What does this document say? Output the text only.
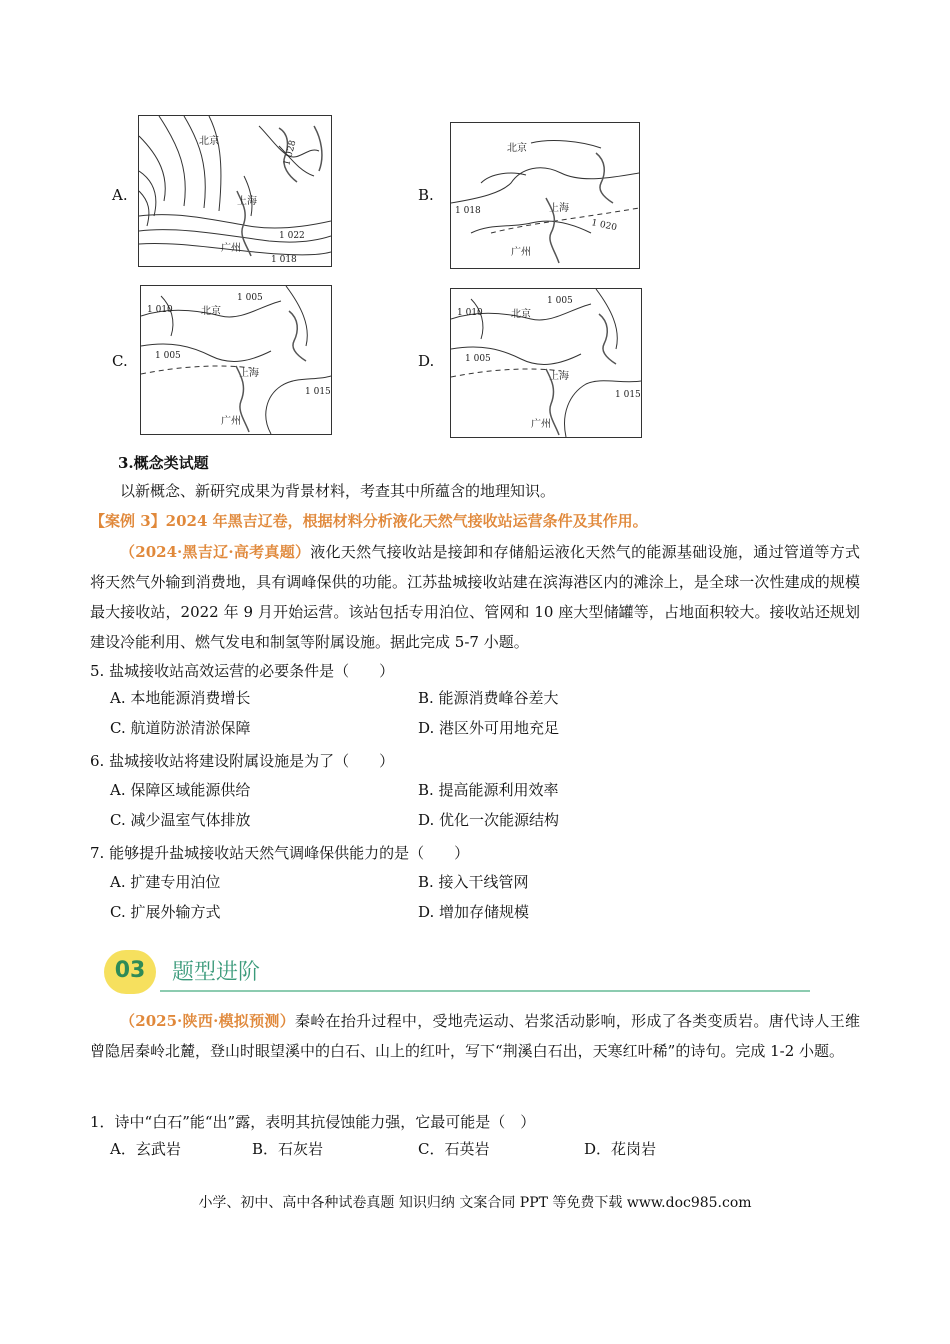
A.	B.
C.	D.
北京
上海
广州
1 028
1 022
1 018
北京
上海
广州
1 018
1 020
北京
上海
广州
1 010
1 005
1 005
1 015
北京
上海
广州
1 010
1 005
1 005
1 015
3.概念类试题
以新概念、新研究成果为背景材料，考查其中所蕴含的地理知识。
【案例 3】2024 年黑吉辽卷，根据材料分析液化天然气接收站运营条件及其作用。
（2024·黑吉辽·高考真题）液化天然气接收站是接卸和存储船运液化天然气的能源基础设施，通过管道等方式将天然气外输到消费地，具有调峰保供的功能。江苏盐城接收站建在滨海港区内的滩涂上，是全球一次性建成的规模最大接收站，2022 年 9 月开始运营。该站包括专用泊位、管网和 10 座大型储罐等，占地面积较大。接收站还规划建设冷能利用、燃气发电和制氢等附属设施。据此完成 5-7 小题。
5. 盐城接收站高效运营的必要条件是（　　）
A. 本地能源消费增长	B. 能源消费峰谷差大
C. 航道防淤清淤保障	D. 港区外可用地充足
6. 盐城接收站将建设附属设施是为了（　　）
A. 保障区域能源供给	B. 提高能源利用效率
C. 减少温室气体排放	D. 优化一次能源结构
7. 能够提升盐城接收站天然气调峰保供能力的是（　　）
A. 扩建专用泊位	B. 接入干线管网
C. 扩展外输方式	D. 增加存储规模
03	题型进阶
（2025·陕西·模拟预测）秦岭在抬升过程中，受地壳运动、岩浆活动影响，形成了各类变质岩。唐代诗人王维曾隐居秦岭北麓，登山时眼望溪中的白石、山上的红叶，写下“荆溪白石出，天寒红叶稀”的诗句。完成 1-2 小题。
1．诗中“白石”能“出”露，表明其抗侵蚀能力强，它最可能是（　）
A．玄武岩	B．石灰岩	C．石英岩	D．花岗岩
小学、初中、高中各种试卷真题 知识归纳 文案合同 PPT 等免费下载 www.doc985.com
